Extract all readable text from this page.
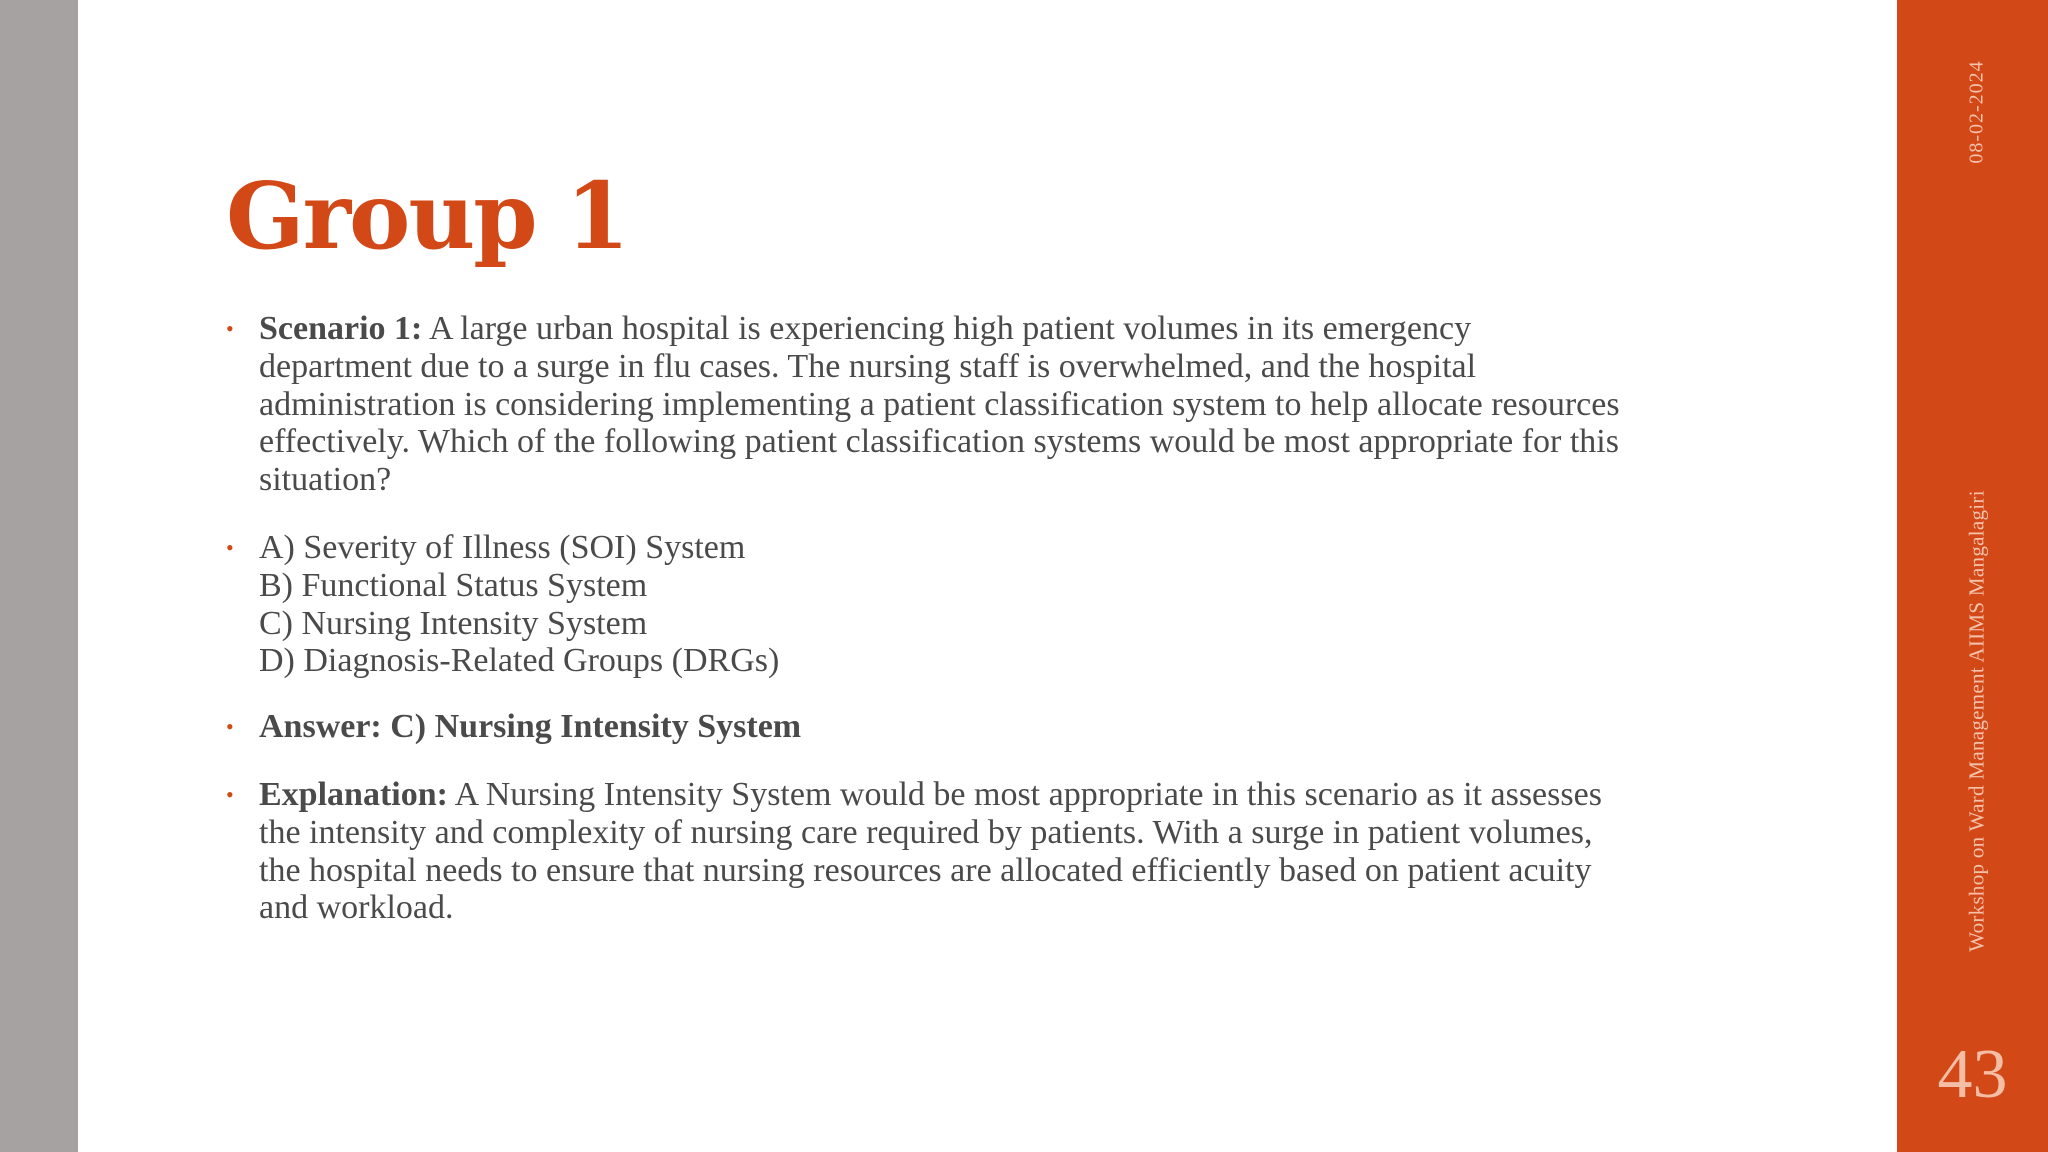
Group 1
• Scenario 1: A large urban hospital is experiencing high patient volumes in its emergency department due to a surge in flu cases. The nursing staff is overwhelmed, and the hospital administration is considering implementing a patient classification system to help allocate resources effectively. Which of the following patient classification systems would be most appropriate for this situation?
• A) Severity of Illness (SOI) System
B) Functional Status System
C) Nursing Intensity System
D) Diagnosis-Related Groups (DRGs)
• Answer: C) Nursing Intensity System
• Explanation: A Nursing Intensity System would be most appropriate in this scenario as it assesses the intensity and complexity of nursing care required by patients. With a surge in patient volumes, the hospital needs to ensure that nursing resources are allocated efficiently based on patient acuity and workload.
08-02-2024
Workshop on Ward Management AIIMS Mangalagiri
43
